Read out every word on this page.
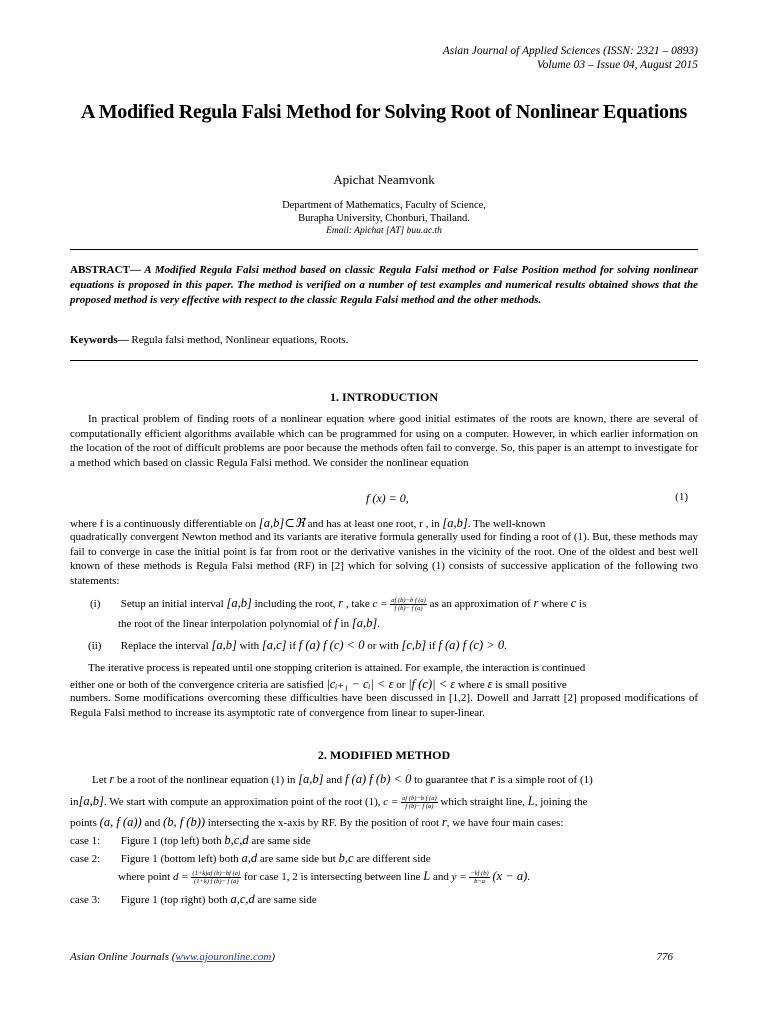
Asian Journal of Applied Sciences (ISSN: 2321 – 0893)
Volume 03 – Issue 04, August 2015
A Modified Regula Falsi Method for Solving Root of Nonlinear Equations
Apichat Neamvonk
Department of Mathematics, Faculty of Science,
Burapha University, Chonburi, Thailand.
Email: Apichat [AT] buu.ac.th
ABSTRACT— A Modified Regula Falsi method based on classic Regula Falsi method or False Position method for solving nonlinear equations is proposed in this paper. The method is verified on a number of test examples and numerical results obtained shows that the proposed method is very effective with respect to the classic Regula Falsi method and the other methods.
Keywords— Regula falsi method, Nonlinear equations, Roots.
1. INTRODUCTION
In practical problem of finding roots of a nonlinear equation where good initial estimates of the roots are known, there are several of computationally efficient algorithms available which can be programmed for using on a computer. However, in which earlier information on the location of the root of difficult problems are poor because the methods often fail to converge. So, this paper is an attempt to investigate for a method which based on classic Regula Falsi method. We consider the nonlinear equation
f (x) = 0,	(1)
where f is a continuously differentiable on [a,b]⊂ℜ and has at least one root, r , in [a,b]. The well-known
quadratically convergent Newton method and its variants are iterative formula generally used for finding a root of (1). But, these methods may fail to converge in case the initial point is far from root or the derivative vanishes in the vicinity of the root. One of the oldest and best well known of these methods is Regula Falsi method (RF) in [2] which for solving (1) consists of successive application of the following two statements:
(i) Setup an initial interval [a,b] including the root, r , take $c = \frac{\text{af (b)−b f (a)}}{f (b)- f (a)}$ as an approximation of r where c is
the root of the linear interpolation polynomial of f in [a,b].
(ii) Replace the interval [a,b] with [a,c] if f (a) f (c) < 0 or with [c,b] if f (a) f (c) > 0.
The iterative process is repeated until one stopping criterion is attained. For example, the interaction is continued
either one or both of the convergence criteria are satisfied |cᵢ₊₁ − cᵢ| < ε or |f (c)| < ε where ε is small positive
numbers. Some modifications overcoming these difficulties have been discussed in [1,2]. Dowell and Jarratt [2] proposed modifications of Regula Falsi method to increase its asymptotic rate of convergence from linear to super-linear.
2. MODIFIED METHOD
Let r be a root of the nonlinear equation (1) in [a,b] and f (a) f (b) < 0 to guarantee that r is a simple root of (1)
in[a,b]. We start with compute an approximation point of the root (1), $c = \frac{\text{af (b)−b f (a)}}{f (b)- f (a)}$ which straight line, L, joining the
points (a, f (a)) and (b, f (b)) intersecting the x-axis by RF. By the position of root r, we have four main cases:
case 1: Figure 1 (top left) both b,c,d are same side
case 2: Figure 1 (bottom left) both a,d are same side but b,c are different side
where point $d = \frac{(1+k)af (b)-bf (a)}{(1+k) f (b)- f (a)}$ for case 1, 2 is intersecting between line L and $y = \frac{-kf (b)}{b-a} (x - a)$.
case 3: Figure 1 (top right) both a,c,d are same side
Asian Online Journals (www.ajouronline.com)	776
